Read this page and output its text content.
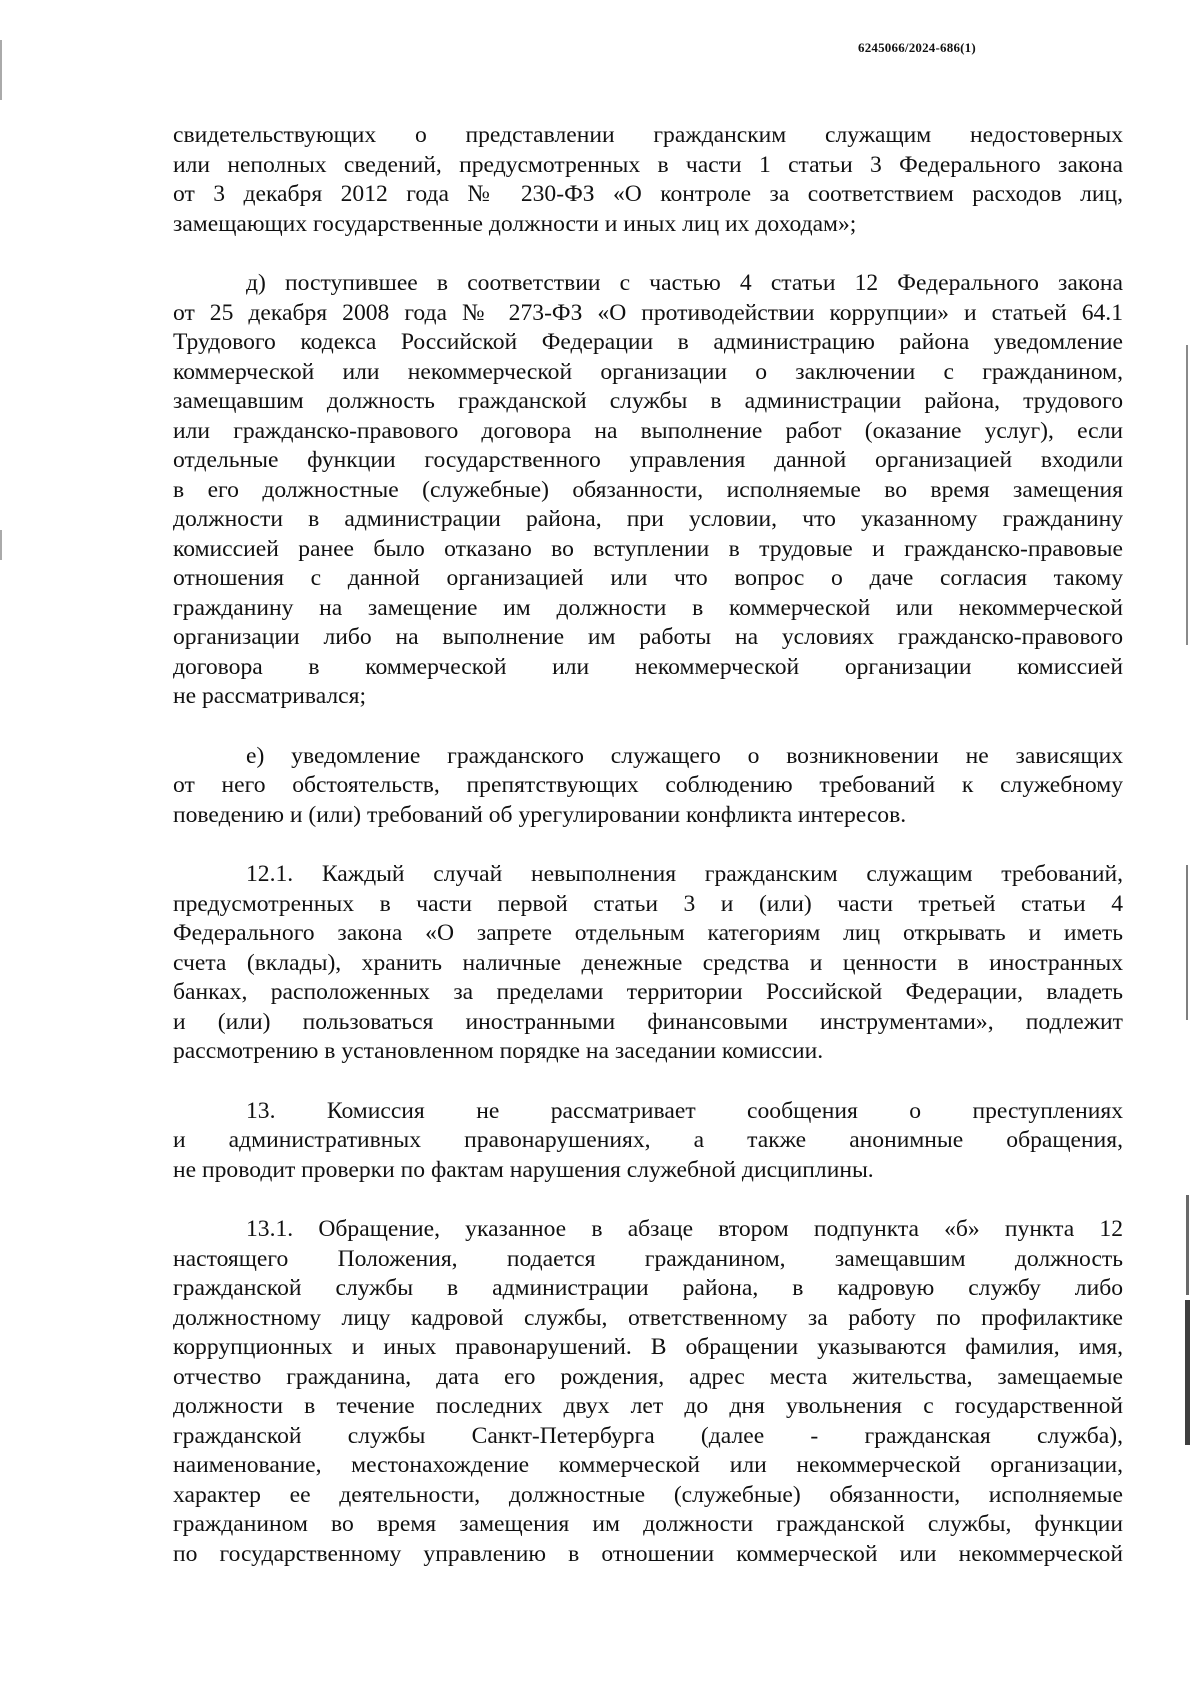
6245066/2024-686(1)
свидетельствующих о представлении гражданским служащим недостоверных
или неполных сведений, предусмотренных в части 1 статьи 3 Федерального закона
от 3 декабря 2012 года № 230-ФЗ «О контроле за соответствием расходов лиц,
замещающих государственные должности и иных лиц их доходам»;
д) поступившее в соответствии с частью 4 статьи 12 Федерального закона
от 25 декабря 2008 года № 273-ФЗ «О противодействии коррупции» и статьей 64.1
Трудового кодекса Российской Федерации в администрацию района уведомление
коммерческой или некоммерческой организации о заключении с гражданином,
замещавшим должность гражданской службы в администрации района, трудового
или гражданско-правового договора на выполнение работ (оказание услуг), если
отдельные функции государственного управления данной организацией входили
в его должностные (служебные) обязанности, исполняемые во время замещения
должности в администрации района, при условии, что указанному гражданину
комиссией ранее было отказано во вступлении в трудовые и гражданско-правовые
отношения с данной организацией или что вопрос о даче согласия такому
гражданину на замещение им должности в коммерческой или некоммерческой
организации либо на выполнение им работы на условиях гражданско-правового
договора в коммерческой или некоммерческой организации комиссией
не рассматривался;
е) уведомление гражданского служащего о возникновении не зависящих
от него обстоятельств, препятствующих соблюдению требований к служебному
поведению и (или) требований об урегулировании конфликта интересов.
12.1. Каждый случай невыполнения гражданским служащим требований,
предусмотренных в части первой статьи 3 и (или) части третьей статьи 4
Федерального закона «О запрете отдельным категориям лиц открывать и иметь
счета (вклады), хранить наличные денежные средства и ценности в иностранных
банках, расположенных за пределами территории Российской Федерации, владеть
и (или) пользоваться иностранными финансовыми инструментами», подлежит
рассмотрению в установленном порядке на заседании комиссии.
13. Комиссия не рассматривает сообщения о преступлениях
и административных правонарушениях, а также анонимные обращения,
не проводит проверки по фактам нарушения служебной дисциплины.
13.1. Обращение, указанное в абзаце втором подпункта «б» пункта 12
настоящего Положения, подается гражданином, замещавшим должность
гражданской службы в администрации района, в кадровую службу либо
должностному лицу кадровой службы, ответственному за работу по профилактике
коррупционных и иных правонарушений. В обращении указываются фамилия, имя,
отчество гражданина, дата его рождения, адрес места жительства, замещаемые
должности в течение последних двух лет до дня увольнения с государственной
гражданской службы Санкт-Петербурга (далее - гражданская служба),
наименование, местонахождение коммерческой или некоммерческой организации,
характер ее деятельности, должностные (служебные) обязанности, исполняемые
гражданином во время замещения им должности гражданской службы, функции
по государственному управлению в отношении коммерческой или некоммерческой
